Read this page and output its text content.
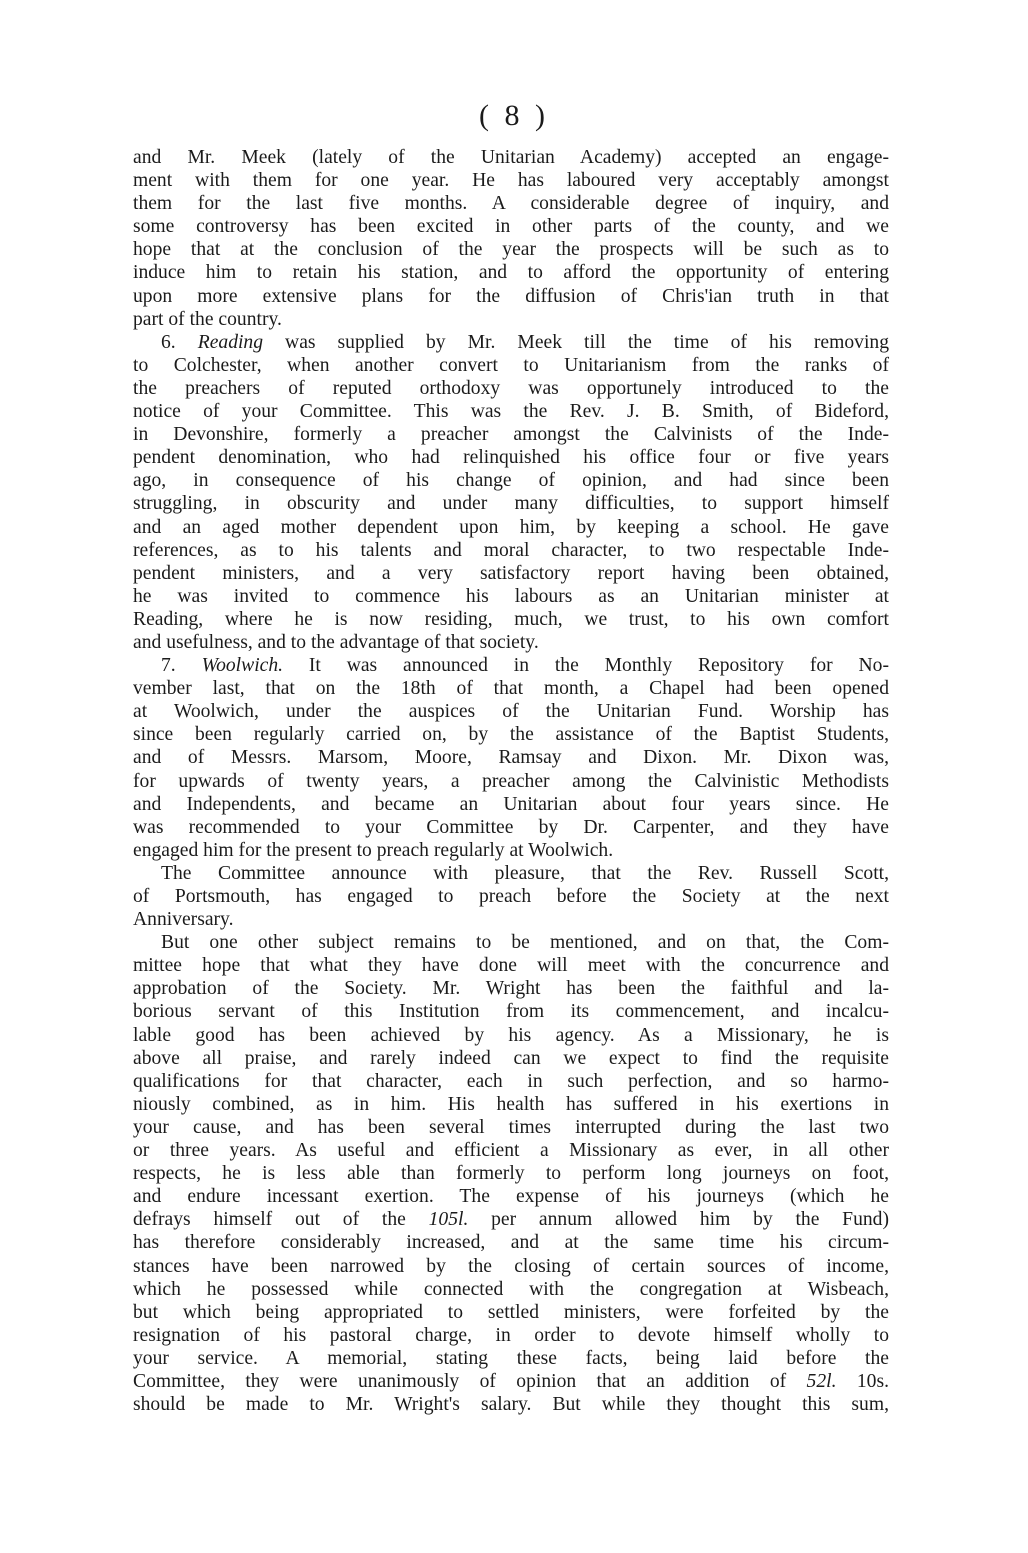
( 8 )
and Mr. Meek (lately of the Unitarian Academy) accepted an engage-
ment with them for one year. He has laboured very acceptably amongst
them for the last five months. A considerable degree of inquiry, and
some controversy has been excited in other parts of the county, and we
hope that at the conclusion of the year the prospects will be such as to
induce him to retain his station, and to afford the opportunity of entering
upon more extensive plans for the diffusion of Chris'ian truth in that
part of the country.
6. Reading was supplied by Mr. Meek till the time of his removing
to Colchester, when another convert to Unitarianism from the ranks of
the preachers of reputed orthodoxy was opportunely introduced to the
notice of your Committee. This was the Rev. J. B. Smith, of Bideford,
in Devonshire, formerly a preacher amongst the Calvinists of the Inde-
pendent denomination, who had relinquished his office four or five years
ago, in consequence of his change of opinion, and had since been
struggling, in obscurity and under many difficulties, to support himself
and an aged mother dependent upon him, by keeping a school. He gave
references, as to his talents and moral character, to two respectable Inde-
pendent ministers, and a very satisfactory report having been obtained,
he was invited to commence his labours as an Unitarian minister at
Reading, where he is now residing, much, we trust, to his own comfort
and usefulness, and to the advantage of that society.
7. Woolwich. It was announced in the Monthly Repository for No-
vember last, that on the 18th of that month, a Chapel had been opened
at Woolwich, under the auspices of the Unitarian Fund. Worship has
since been regularly carried on, by the assistance of the Baptist Students,
and of Messrs. Marsom, Moore, Ramsay and Dixon. Mr. Dixon was,
for upwards of twenty years, a preacher among the Calvinistic Methodists
and Independents, and became an Unitarian about four years since. He
was recommended to your Committee by Dr. Carpenter, and they have
engaged him for the present to preach regularly at Woolwich.
The Committee announce with pleasure, that the Rev. Russell Scott,
of Portsmouth, has engaged to preach before the Society at the next
Anniversary.
But one other subject remains to be mentioned, and on that, the Com-
mittee hope that what they have done will meet with the concurrence and
approbation of the Society. Mr. Wright has been the faithful and la-
borious servant of this Institution from its commencement, and incalcu-
lable good has been achieved by his agency. As a Missionary, he is
above all praise, and rarely indeed can we expect to find the requisite
qualifications for that character, each in such perfection, and so harmo-
niously combined, as in him. His health has suffered in his exertions in
your cause, and has been several times interrupted during the last two
or three years. As useful and efficient a Missionary as ever, in all other
respects, he is less able than formerly to perform long journeys on foot,
and endure incessant exertion. The expense of his journeys (which he
defrays himself out of the 105l. per annum allowed him by the Fund)
has therefore considerably increased, and at the same time his circum-
stances have been narrowed by the closing of certain sources of income,
which he possessed while connected with the congregation at Wisbeach,
but which being appropriated to settled ministers, were forfeited by the
resignation of his pastoral charge, in order to devote himself wholly to
your service. A memorial, stating these facts, being laid before the
Committee, they were unanimously of opinion that an addition of 52l. 10s.
should be made to Mr. Wright's salary. But while they thought this sum,
